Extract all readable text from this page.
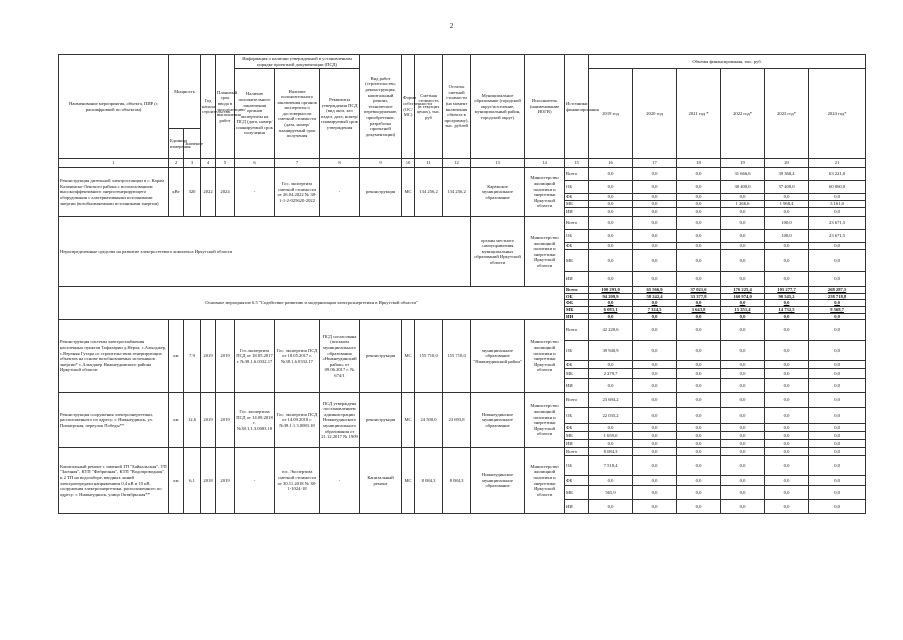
2
Наименование мероприятия, объекта, ПИР (с расшифровкой по объектам)	Мощность		Год начала строительства	Плановый срок ввода в эксплуатацию/выполнения работ	Информация о наличии утвержденной в установленном порядке проектной документации (ПСД)			Вид работ (строительство, реконструкция, капитальный ремонт, техническое перевооружение, приобретение, разработка проектной документации)	Форма собственности (ОС/МС)	Сметная стоимость (в текущих ценах), тыс. руб	Остаток сметной стоимости (на момент включения объекта в программу), тыс. рублей	Муниципальное образование (городской округ/поселение, муниципальный район, городской округ)	Исполнитель (наименование ИОГВ)	Источники финансирования	Объемы финансирования, тыс. руб.					
					Наличие положительного заключения органов экспертизы на ПСД (дата, номер/планируемый срок получения	Наличие положительного заключения органов экспертизы о достоверности сметной стоимости (дата, номер/планируемый срок получения	Реквизиты утверждения ПСД (вид акта, кто издал, дата, номер/планируемый срок утверждения								2019 год	2020 год	2021 год *	2022 год*	2023 год*	2024 год*
	Единица измерения	Значение																		
1	2	3	4	5	6	7	8	9	10	11	12	13	14	15	16	17	18	19	20	21
Реконструкция дизельной электростанции в с. Карам Казачинско-Ленского района с использованием высокоэффективного энергогенерирующего оборудования с альтернативными источниками энергии (возобновляемыми источниками энергии)	кВт	320	2022	2024	-	Гос. экспертиза сметной стоимости от 26.04.2022 № 38-1-1-2-025620-2022	-	реконструкция	МС	134 256,2	134 256,2	Карамское муниципальное образование	Министерство жилищной политики и энергетики Иркутской области	Всего	0,0	0,0	0,0	31 666,6	39 368,4	63 221,0
														ОБ	0,0	0,0	0,0	30 400,0	37 400,0	60 060,0
														ФБ	0,0	0,0	0,0	0,0	0,0	0,0
														МБ	0,0	0,0	0,0	1 266,6	1 968,4	3 161,0
														ИИ	0,0	0,0	0,0	0,0	0,0	0,0
Нераспределенные средства на развитие электросетевого комплекса Иркутской области												органы местного самоуправления муниципальных образований Иркутской области	Министерство жилищной политики и энергетики Иркутской области	Всего	0,0	0,0	0,0	0,0	100,0	23 671,5
														ОБ	0,0	0,0	0,0	0,0	100,0	23 671,5
														ФБ	0,0	0,0	0,0	0,0	0,0	0,0
														МБ	0,0	0,0	0,0	0,0	0,0	0,0
														ИИ	0,0	0,0	0,0	0,0	0,0	0,0
Основное мероприятие 6.5 "Содействие развитию и модернизации электроэнергетики в Иркутской области"														Всего	100 293,0	65 566,9	37 021,6	176 225,4	105 277,7	268 287,5
														ОБ	94 209,9	58 242,4	33 377,8	160 974,0	90 545,2	258 718,8
														ФБ	0,0	0,0	0,0	0,0	0,0	0,0
														МБ	6 083,1	7 324,5	3 643,8	15 251,4	14 732,5	9 568,7
														ИИ	0,0	0,0	0,0	0,0	0,0	0,0
Реконструкция системы электроснабжения населенных пунктов Тофаларии д.Нерха, с.Алыгджер, с.Верхняя Гутара со строительством генерирующих объектов на основе возобновляемых источников энергии* с.Алыгджер Нижнеудинского района Иркутской области	км	7,9	2019	2019	Гос.экспертиза ПСД от 18.05.2017 г. №38.1.6.0332.17	Гос. экспертиза ПСД от 18.05.2017 г. №38.1.6.0332.17	ПСД согласована (письмом муниципального образования «Нижнеудинский район» от 09.06.2017 г. № 674/1	реконструкция	МС	155 710,0	155 710,0	муниципальное образование "Нижнеудинский район"	Министерство жилищной политики и энергетики Иркутской области	Всего	42 220,6	0,0	0,0	0,0	0,0	0,0
														ОБ	39 940,9	0,0	0,0	0,0	0,0	0,0
														ФБ	0,0	0,0	0,0	0,0	0,0	0,0
														МБ	2 279,7	0,0	0,0	0,0	0,0	0,0
														ИИ	0,0	0,0	0,0	0,0	0,0	0,0
Реконструкция сооружения электроэнергетики, расположенного по адресу: г. Нижнеудинск, ул. Пионерская, переулок Победы**	км	12,6	2019	2019	Гос. экспертиза ПСД от 14.09.2018 г. №38.1.1.3.0083.18	Гос. экспертиза ПСД от 14.09.2018 г. №38.1.1.3.0083.18	ПСД утверждена постановлением администрации Нижнеудинского муниципального образования от 21.12.2017 № 1909	реконструкция	МС	24 500,0	23 693,8	Нижнеудинское муниципальное образование	Министерство жилищной политики и энергетики Иркутской области	Всего	23 694,2	0,0	0,0	0,0	0,0	0,0
														ОБ	22 035,2	0,0	0,0	0,0	0,0	0,0
														ФБ	0,0	0,0	0,0	0,0	0,0	0,0
														МБ	1 659,0	0,0	0,0	0,0	0,0	0,0
														ИИ	0,0	0,0	0,0	0,0	0,0	0,0
Капитальный ремонт с заменой ТП "Байкальская", ТП "Заочная", КТП "Фабричная", КТП "Водопроводная" и 2 ТП на водозаборе, вводных линий электропередачи напряжением 0,4 кВ и 10 кВ, сооружения электроэнергетики, расположенного по адресу: г. Нижнеудинск, улица Октябрьская**	км	6,1	2018	2019	-	гос. Экспертиза сметной стоимости от 30.11.2018 № 38-1-1024-18	-	Капитальный ремонт	МС	8 084,3	8 084,3	Нижнеудинское муниципальное образование	Министерство жилищной политики и энергетики Иркутской области	Всего	8 084,3	0,0	0,0	0,0	0,0	0,0
														ОБ	7 518,4	0,0	0,0	0,0	0,0	0,0
														ФБ	0,0	0,0	0,0	0,0	0,0	0,0
														МБ	565,9	0,0	0,0	0,0	0,0	0,0
														ИИ	0,0	0,0	0,0	0,0	0,0	0,0
